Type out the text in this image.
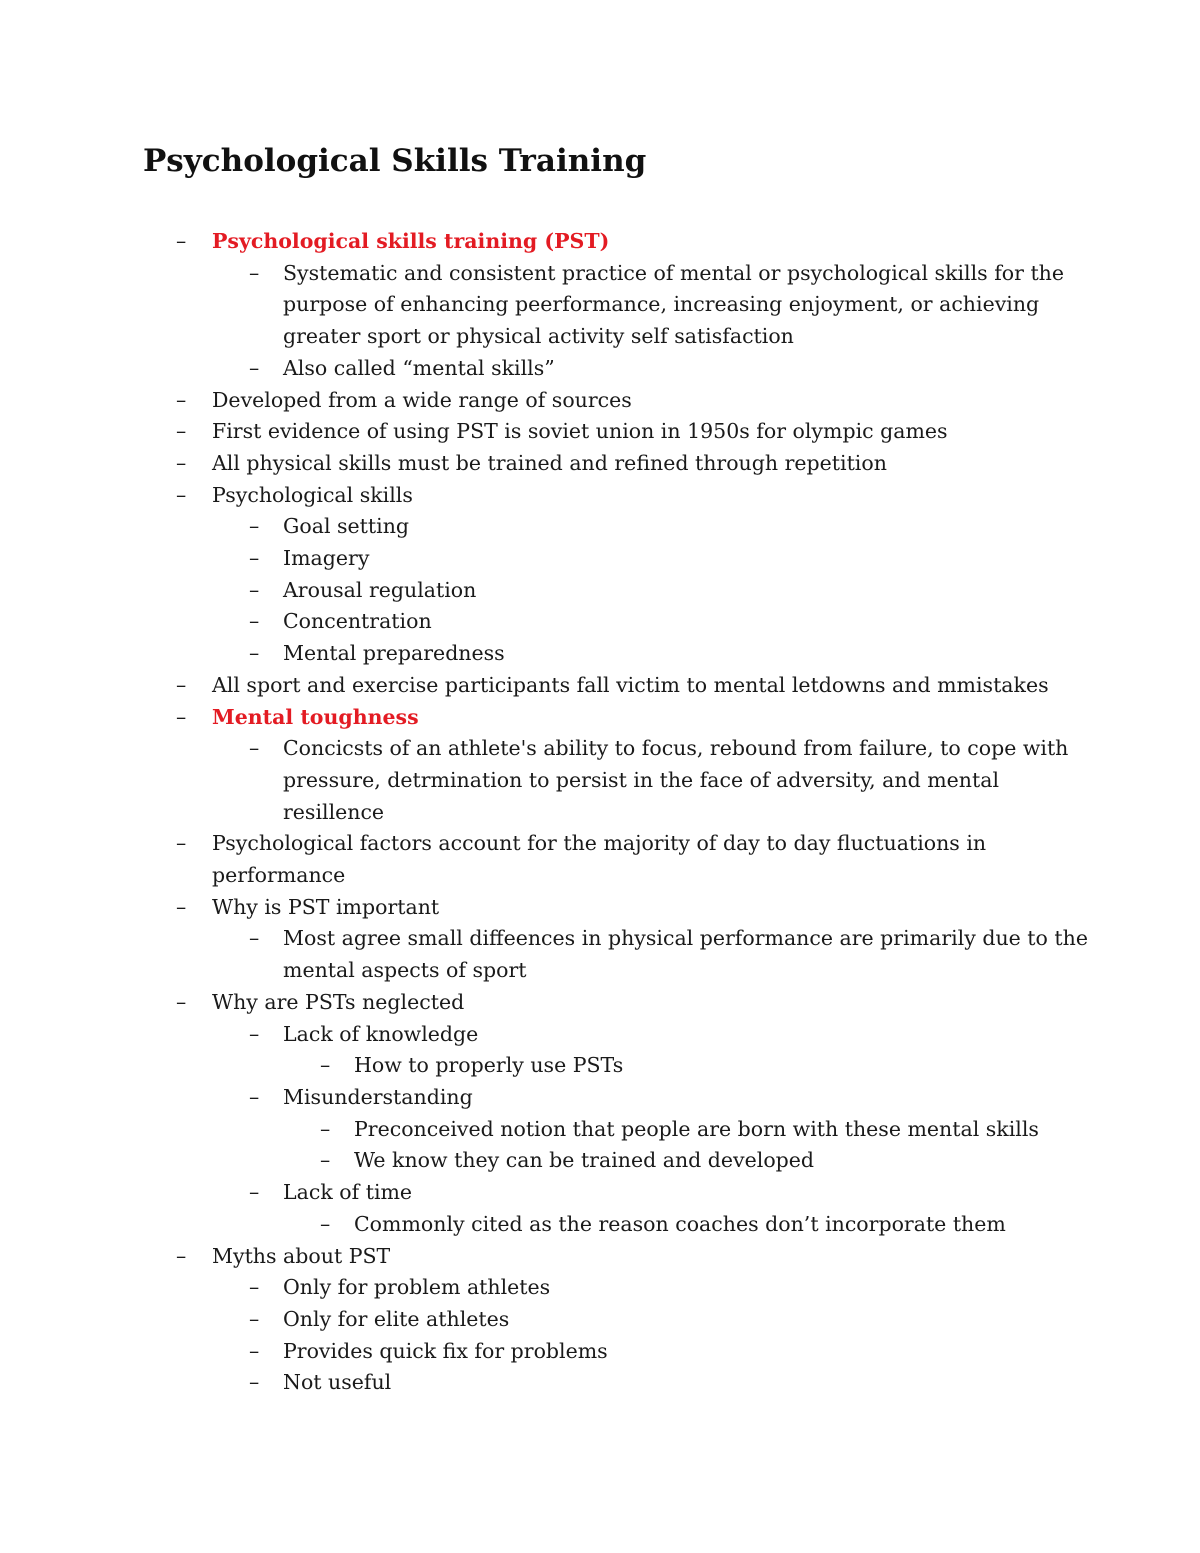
Psychological Skills Training
– Psychological skills training (PST)
– Systematic and consistent practice of mental or psychological skills for the
purpose of enhancing peerformance, increasing enjoyment, or achieving
greater sport or physical activity self satisfaction
– Also called “mental skills”
– Developed from a wide range of sources
– First evidence of using PST is soviet union in 1950s for olympic games
– All physical skills must be trained and refined through repetition
– Psychological skills
– Goal setting
– Imagery
– Arousal regulation
– Concentration
– Mental preparedness
– All sport and exercise participants fall victim to mental letdowns and mmistakes
– Mental toughness
– Concicsts of an athlete's ability to focus, rebound from failure, to cope with
pressure, detrmination to persist in the face of adversity, and mental
resillence
– Psychological factors account for the majority of day to day fluctuations in
performance
– Why is PST important
– Most agree small diffeences in physical performance are primarily due to the
mental aspects of sport
– Why are PSTs neglected
– Lack of knowledge
– How to properly use PSTs
– Misunderstanding
– Preconceived notion that people are born with these mental skills
– We know they can be trained and developed
– Lack of time
– Commonly cited as the reason coaches don’t incorporate them
– Myths about PST
– Only for problem athletes
– Only for elite athletes
– Provides quick fix for problems
– Not useful
